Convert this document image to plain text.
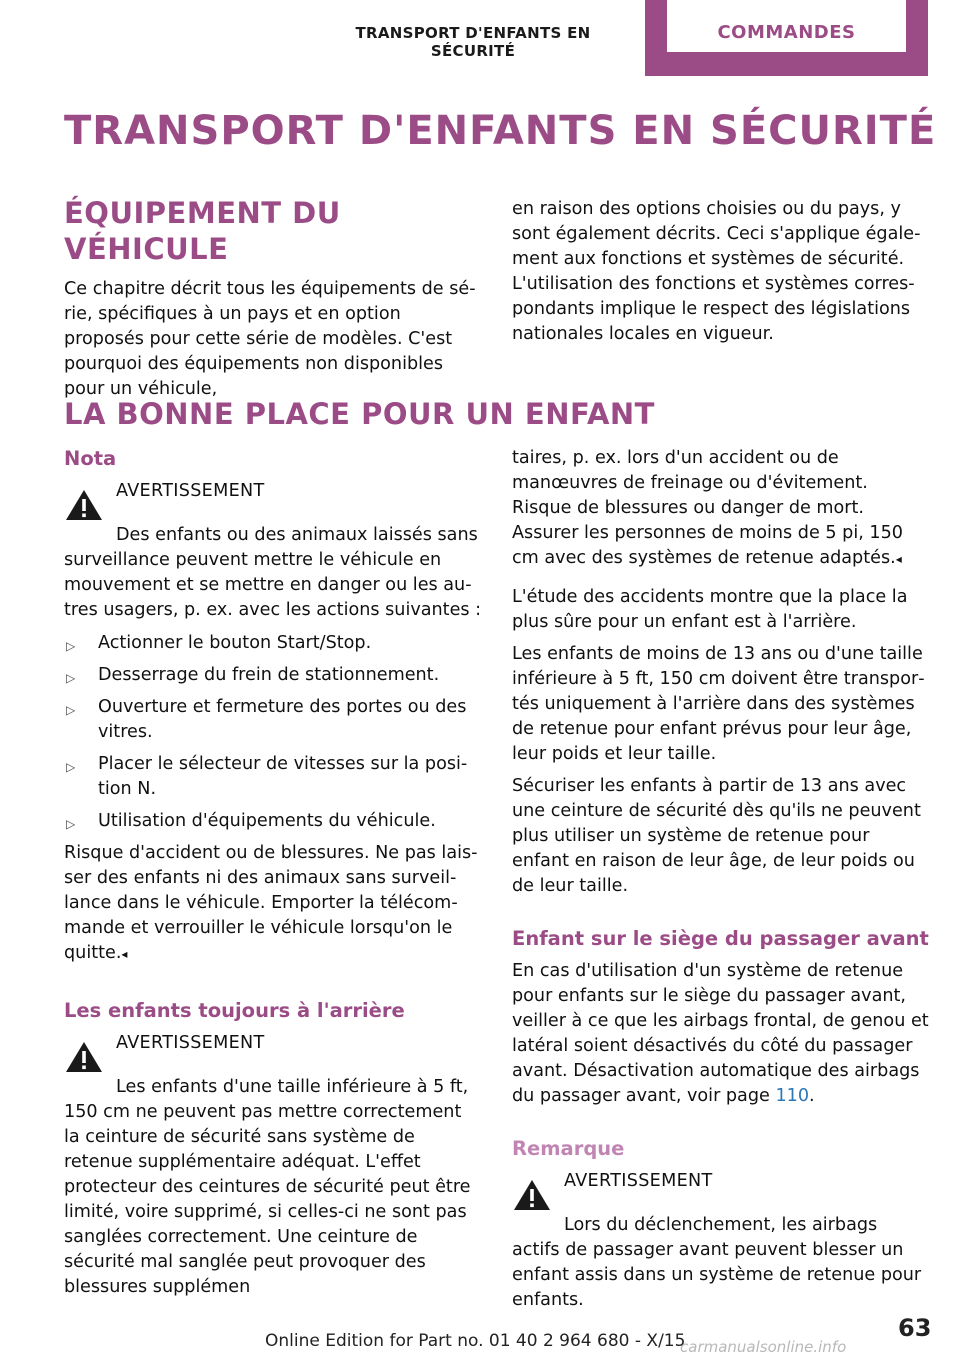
TRANSPORT D'ENFANTS EN SÉCURITÉ
COMMANDES
TRANSPORT D'ENFANTS EN SÉCURITÉ
ÉQUIPEMENT DU VÉHICULE

Ce chapitre décrit tous les équipements de série, spécifiques à un pays et en option proposés pour cette série de modèles. C'est pourquoi des équipements non disponibles pour un véhicule,

en raison des options choisies ou du pays, y sont également décrits. Ceci s'applique également aux fonctions et systèmes de sécurité. L'utilisation des fonctions et systèmes correspondants implique le respect des législations nationales locales en vigueur.

LA BONNE PLACE POUR UN ENFANT
Nota
AVERTISSEMENT

Des enfants ou des animaux laissés sans surveillance peuvent mettre le véhicule en mouvement et se mettre en danger ou les autres usagers, p. ex. avec les actions suivantes :

▷ Actionner le bouton Start/Stop.
▷ Desserrage du frein de stationnement.
▷ Ouverture et fermeture des portes ou des vitres.
▷ Placer le sélecteur de vitesses sur la position N.
▷ Utilisation d'équipements du véhicule.

Risque d'accident ou de blessures. Ne pas laisser des enfants ni des animaux sans surveillance dans le véhicule. Emporter la télécommande et verrouiller le véhicule lorsqu'on le quitte.◂

Les enfants toujours à l'arrière
AVERTISSEMENT

Les enfants d'une taille inférieure à 5 ft, 150 cm ne peuvent pas mettre correctement la ceinture de sécurité sans système de retenue supplémentaire adéquat. L'effet protecteur des ceintures de sécurité peut être limité, voire supprimé, si celles-ci ne sont pas sanglées correctement. Une ceinture de sécurité mal sanglée peut provoquer des blessures supplémen

taires, p. ex. lors d'un accident ou de manœuvres de freinage ou d'évitement. Risque de blessures ou danger de mort. Assurer les personnes de moins de 5 pi, 150 cm avec des systèmes de retenue adaptés.◂

L'étude des accidents montre que la place la plus sûre pour un enfant est à l'arrière.

Les enfants de moins de 13 ans ou d'une taille inférieure à 5 ft, 150 cm doivent être transportés uniquement à l'arrière dans des systèmes de retenue pour enfant prévus pour leur âge, leur poids et leur taille.

Sécuriser les enfants à partir de 13 ans avec une ceinture de sécurité dès qu'ils ne peuvent plus utiliser un système de retenue pour enfant en raison de leur âge, de leur poids ou de leur taille.

Enfant sur le siège du passager avant

En cas d'utilisation d'un système de retenue pour enfants sur le siège du passager avant, veiller à ce que les airbags frontal, de genou et latéral soient désactivés du côté du passager avant. Désactivation automatique des airbags du passager avant, voir page 110.

Remarque
AVERTISSEMENT

Lors du déclenchement, les airbags actifs de passager avant peuvent blesser un enfant assis dans un système de retenue pour enfants.

Online Edition for Part no. 01 40 2 964 680 - X/15	63
carmanualsonline.info
